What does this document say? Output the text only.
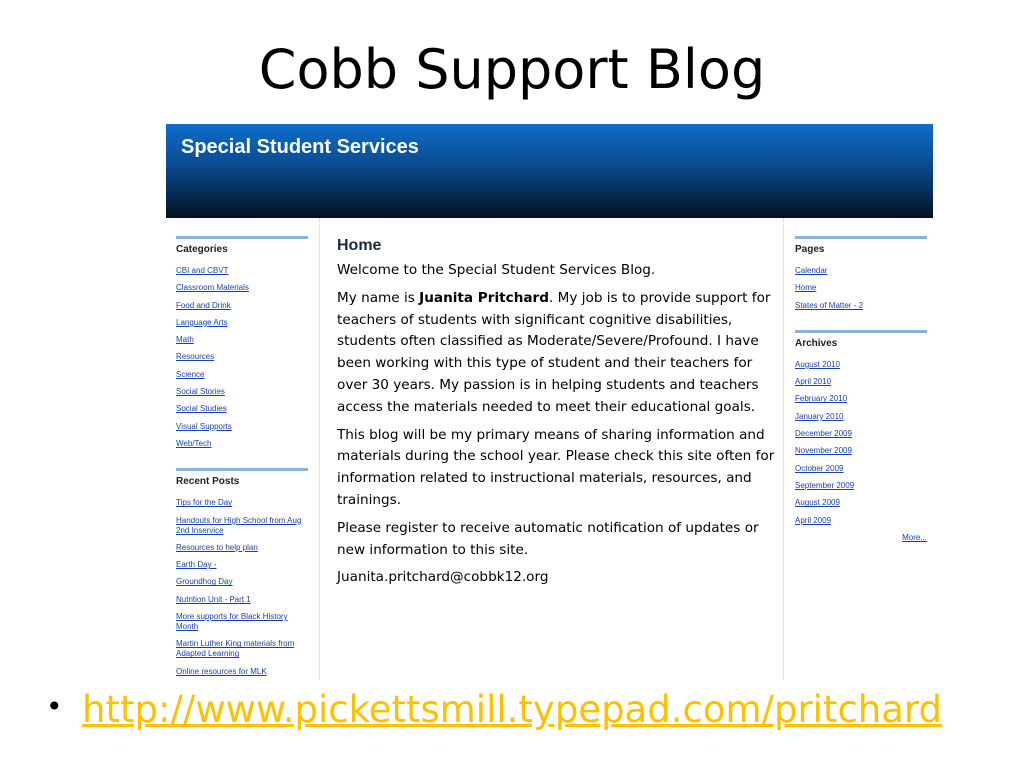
Cobb Support Blog
Special Student Services
Categories
CBI and CBVT
Classroom Materials
Food and Drink
Language Arts
Math
Resources
Science
Social Stories
Social Studies
Visual Supports
Web/Tech
Recent Posts
Tips for the Day
Handouts for High School from Aug 2nd Inservice
Resources to help plan
Earth Day -
Groundhog Day
Nutrition Unit - Part 1
More supports for Black History Month
Martin Luther King materials from Adapted Learning
Online resources for MLK
Home

Welcome to the Special Student Services Blog.

My name is Juanita Pritchard. My job is to provide support for teachers of students with significant cognitive disabilities, students often classified as Moderate/Severe/Profound. I have been working with this type of student and their teachers for over 30 years. My passion is in helping students and teachers access the materials needed to meet their educational goals.

This blog will be my primary means of sharing information and materials during the school year. Please check this site often for information related to instructional materials, resources, and trainings.

Please register to receive automatic notification of updates or new information to this site.

Juanita.pritchard@cobbk12.org

Pages
Calendar
Home
States of Matter - 2
Archives
August 2010
April 2010
February 2010
January 2010
December 2009
November 2009
October 2009
September 2009
August 2009
April 2009
More...
• http://www.pickettsmill.typepad.com/pritchard
